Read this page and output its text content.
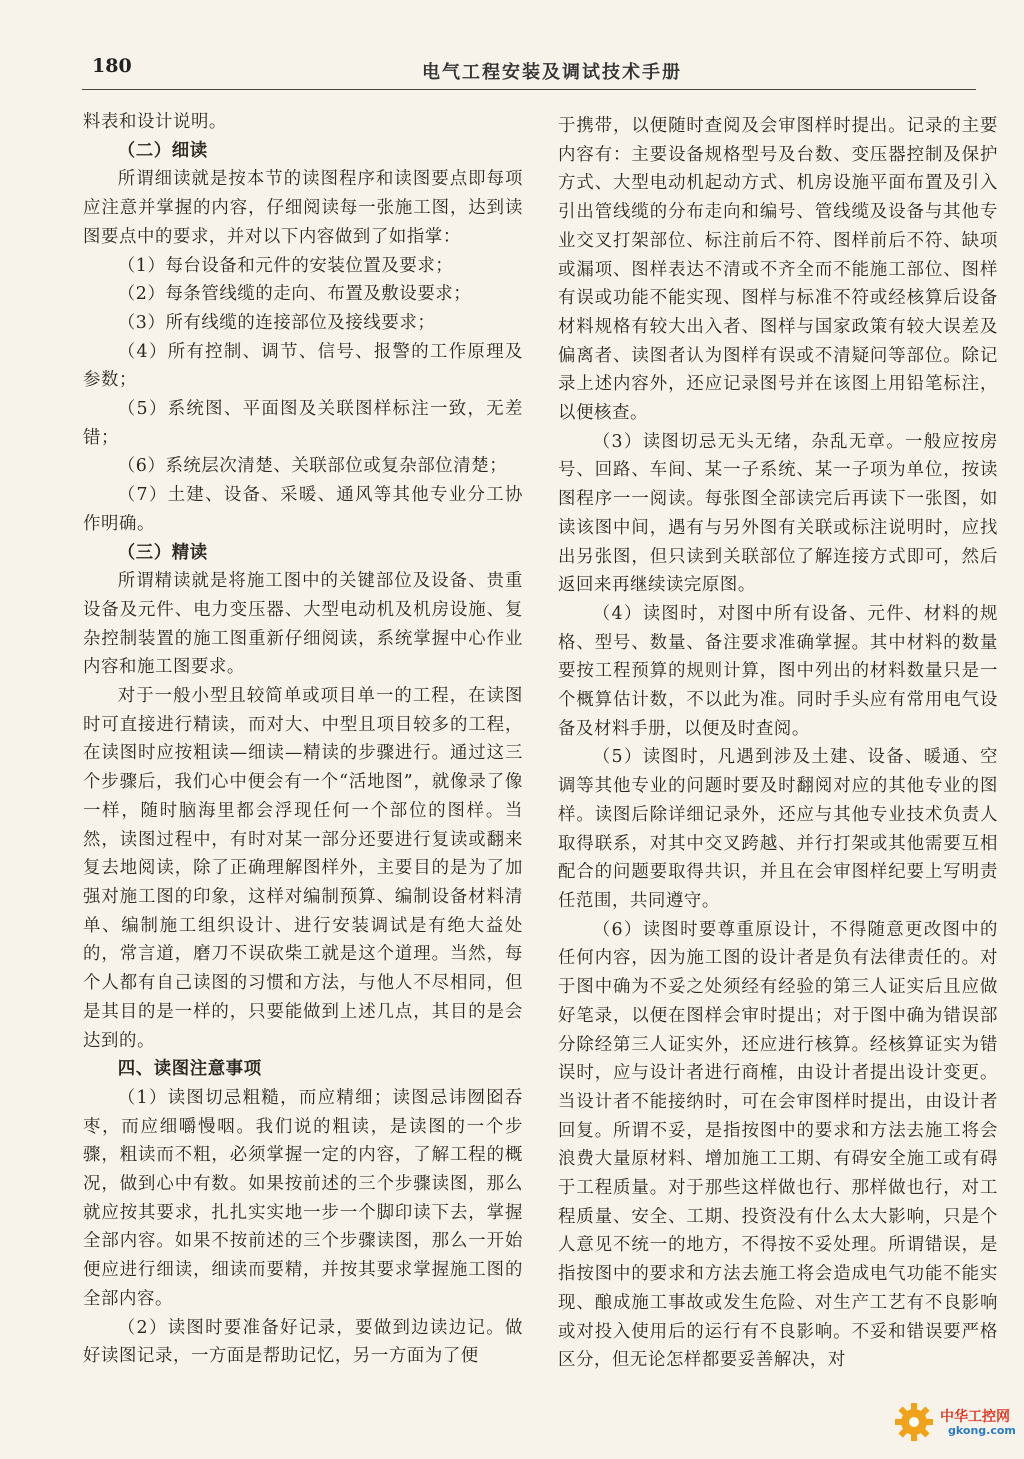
180	电气工程安装及调试技术手册

料表和设计说明。

（二）细读

所谓细读就是按本节的读图程序和读图要点即每项应注意并掌握的内容，仔细阅读每一张施工图，达到读图要点中的要求，并对以下内容做到了如指掌：

（1）每台设备和元件的安装位置及要求；

（2）每条管线缆的走向、布置及敷设要求；

（3）所有线缆的连接部位及接线要求；

（4）所有控制、调节、信号、报警的工作原理及参数；

（5）系统图、平面图及关联图样标注一致，无差错；

（6）系统层次清楚、关联部位或复杂部位清楚；

（7）土建、设备、采暖、通风等其他专业分工协作明确。

（三）精读

所谓精读就是将施工图中的关键部位及设备、贵重设备及元件、电力变压器、大型电动机及机房设施、复杂控制装置的施工图重新仔细阅读，系统掌握中心作业内容和施工图要求。

对于一般小型且较简单或项目单一的工程，在读图时可直接进行精读，而对大、中型且项目较多的工程，在读图时应按粗读—细读—精读的步骤进行。通过这三个步骤后，我们心中便会有一个“活地图”，就像录了像一样，随时脑海里都会浮现任何一个部位的图样。当然，读图过程中，有时对某一部分还要进行复读或翻来复去地阅读，除了正确理解图样外，主要目的是为了加强对施工图的印象，这样对编制预算、编制设备材料清单、编制施工组织设计、进行安装调试是有绝大益处的，常言道，磨刀不误砍柴工就是这个道理。当然，每个人都有自己读图的习惯和方法，与他人不尽相同，但是其目的是一样的，只要能做到上述几点，其目的是会达到的。

四、读图注意事项

（1）读图切忌粗糙，而应精细；读图忌讳囫囵吞枣，而应细嚼慢咽。我们说的粗读，是读图的一个步骤，粗读而不粗，必须掌握一定的内容，了解工程的概况，做到心中有数。如果按前述的三个步骤读图，那么就应按其要求，扎扎实实地一步一个脚印读下去，掌握全部内容。如果不按前述的三个步骤读图，那么一开始便应进行细读，细读而要精，并按其要求掌握施工图的全部内容。

（2）读图时要准备好记录，要做到边读边记。做好读图记录，一方面是帮助记忆，另一方面为了便

于携带，以便随时查阅及会审图样时提出。记录的主要内容有：主要设备规格型号及台数、变压器控制及保护方式、大型电动机起动方式、机房设施平面布置及引入引出管线缆的分布走向和编号、管线缆及设备与其他专业交叉打架部位、标注前后不符、图样前后不符、缺项或漏项、图样表达不清或不齐全而不能施工部位、图样有误或功能不能实现、图样与标准不符或经核算后设备材料规格有较大出入者、图样与国家政策有较大误差及偏离者、读图者认为图样有误或不清疑问等部位。除记录上述内容外，还应记录图号并在该图上用铅笔标注，以便核查。

（3）读图切忌无头无绪，杂乱无章。一般应按房号、回路、车间、某一子系统、某一子项为单位，按读图程序一一阅读。每张图全部读完后再读下一张图，如读该图中间，遇有与另外图有关联或标注说明时，应找出另张图，但只读到关联部位了解连接方式即可，然后返回来再继续读完原图。

（4）读图时，对图中所有设备、元件、材料的规格、型号、数量、备注要求准确掌握。其中材料的数量要按工程预算的规则计算，图中列出的材料数量只是一个概算估计数，不以此为准。同时手头应有常用电气设备及材料手册，以便及时查阅。

（5）读图时，凡遇到涉及土建、设备、暖通、空调等其他专业的问题时要及时翻阅对应的其他专业的图样。读图后除详细记录外，还应与其他专业技术负责人取得联系，对其中交叉跨越、并行打架或其他需要互相配合的问题要取得共识，并且在会审图样纪要上写明责任范围，共同遵守。

（6）读图时要尊重原设计，不得随意更改图中的任何内容，因为施工图的设计者是负有法律责任的。对于图中确为不妥之处须经有经验的第三人证实后且应做好笔录，以便在图样会审时提出；对于图中确为错误部分除经第三人证实外，还应进行核算。经核算证实为错误时，应与设计者进行商榷，由设计者提出设计变更。当设计者不能接纳时，可在会审图样时提出，由设计者回复。所谓不妥，是指按图中的要求和方法去施工将会浪费大量原材料、增加施工工期、有碍安全施工或有碍于工程质量。对于那些这样做也行、那样做也行，对工程质量、安全、工期、投资没有什么太大影响，只是个人意见不统一的地方，不得按不妥处理。所谓错误，是指按图中的要求和方法去施工将会造成电气功能不能实现、酿成施工事故或发生危险、对生产工艺有不良影响或对投入使用后的运行有不良影响。不妥和错误要严格区分，但无论怎样都要妥善解决，对

中华工控网
gkong.com
